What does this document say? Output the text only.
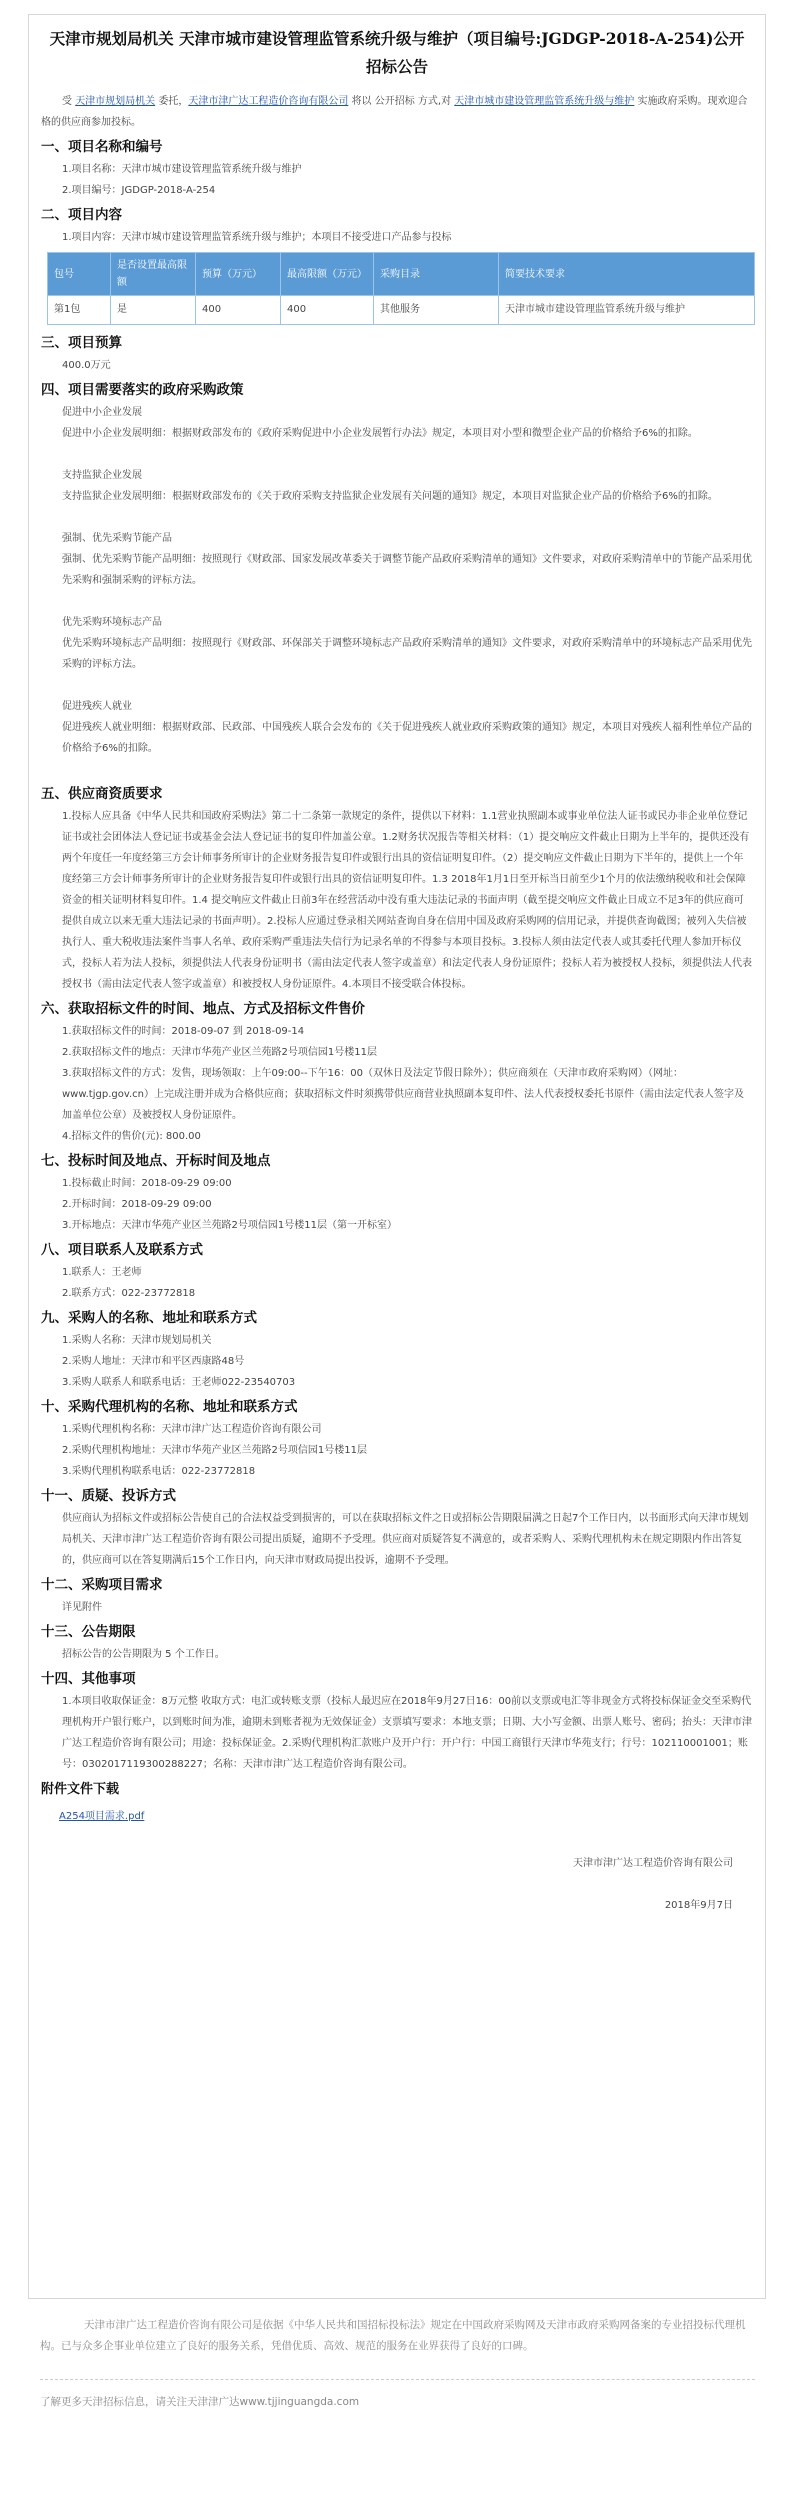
天津市规划局机关 天津市城市建设管理监管系统升级与维护（项目编号:JGDGP-2018-A-254)公开招标公告

受 天津市规划局机关 委托，天津市津广达工程造价咨询有限公司 将以 公开招标 方式,对 天津市城市建设管理监管系统升级与维护 实施政府采购。现欢迎合格的供应商参加投标。

一、项目名称和编号

1.项目名称：天津市城市建设管理监管系统升级与维护

2.项目编号：JGDGP-2018-A-254

二、项目内容

1.项目内容：天津市城市建设管理监管系统升级与维护；本项目不接受进口产品参与投标

包号	是否设置最高限额	预算（万元）	最高限额（万元）	采购目录	简要技术要求
第1包	是	400	400	其他服务	天津市城市建设管理监管系统升级与维护
三、项目预算

400.0万元

四、项目需要落实的政府采购政策

促进中小企业发展

促进中小企业发展明细：根据财政部发布的《政府采购促进中小企业发展暂行办法》规定，本项目对小型和微型企业产品的价格给予6%的扣除。

支持监狱企业发展

支持监狱企业发展明细：根据财政部发布的《关于政府采购支持监狱企业发展有关问题的通知》规定，本项目对监狱企业产品的价格给予6%的扣除。

强制、优先采购节能产品

强制、优先采购节能产品明细：按照现行《财政部、国家发展改革委关于调整节能产品政府采购清单的通知》文件要求，对政府采购清单中的节能产品采用优先采购和强制采购的评标方法。

优先采购环境标志产品

优先采购环境标志产品明细：按照现行《财政部、环保部关于调整环境标志产品政府采购清单的通知》文件要求，对政府采购清单中的环境标志产品采用优先采购的评标方法。

促进残疾人就业

促进残疾人就业明细：根据财政部、民政部、中国残疾人联合会发布的《关于促进残疾人就业政府采购政策的通知》规定，本项目对残疾人福利性单位产品的价格给予6%的扣除。

五、供应商资质要求

1.投标人应具备《中华人民共和国政府采购法》第二十二条第一款规定的条件，提供以下材料：1.1营业执照副本或事业单位法人证书或民办非企业单位登记证书或社会团体法人登记证书或基金会法人登记证书的复印件加盖公章。1.2财务状况报告等相关材料：（1）提交响应文件截止日期为上半年的，提供还没有两个年度任一年度经第三方会计师事务所审计的企业财务报告复印件或银行出具的资信证明复印件。（2）提交响应文件截止日期为下半年的，提供上一个年度经第三方会计师事务所审计的企业财务报告复印件或银行出具的资信证明复印件。1.3 2018年1月1日至开标当日前至少1个月的依法缴纳税收和社会保障资金的相关证明材料复印件。1.4 提交响应文件截止日前3年在经营活动中没有重大违法记录的书面声明（截至提交响应文件截止日成立不足3年的供应商可提供自成立以来无重大违法记录的书面声明）。2.投标人应通过登录相关网站查询自身在信用中国及政府采购网的信用记录，并提供查询截图；被列入失信被执行人、重大税收违法案件当事人名单、政府采购严重违法失信行为记录名单的不得参与本项目投标。3.投标人须由法定代表人或其委托代理人参加开标仪式，投标人若为法人投标，须提供法人代表身份证明书（需由法定代表人签字或盖章）和法定代表人身份证原件；投标人若为被授权人投标，须提供法人代表授权书（需由法定代表人签字或盖章）和被授权人身份证原件。4.本项目不接受联合体投标。

六、获取招标文件的时间、地点、方式及招标文件售价

1.获取招标文件的时间：2018-09-07 到 2018-09-14

2.获取招标文件的地点：天津市华苑产业区兰苑路2号项信园1号楼11层

3.获取招标文件的方式：发售，现场领取：上午09:00--下午16：00（双休日及法定节假日除外）；供应商须在（天津市政府采购网）（网址：www.tjgp.gov.cn）上完成注册并成为合格供应商；获取招标文件时须携带供应商营业执照副本复印件、法人代表授权委托书原件（需由法定代表人签字及加盖单位公章）及被授权人身份证原件。

4.招标文件的售价(元): 800.00

七、投标时间及地点、开标时间及地点

1.投标截止时间：2018-09-29 09:00

2.开标时间：2018-09-29 09:00

3.开标地点：天津市华苑产业区兰苑路2号项信园1号楼11层（第一开标室）

八、项目联系人及联系方式

1.联系人：王老师

2.联系方式：022-23772818

九、采购人的名称、地址和联系方式

1.采购人名称：天津市规划局机关

2.采购人地址：天津市和平区西康路48号

3.采购人联系人和联系电话：王老师022-23540703

十、采购代理机构的名称、地址和联系方式

1.采购代理机构名称：天津市津广达工程造价咨询有限公司

2.采购代理机构地址：天津市华苑产业区兰苑路2号项信园1号楼11层

3.采购代理机构联系电话：022-23772818

十一、质疑、投诉方式

供应商认为招标文件或招标公告使自己的合法权益受到损害的，可以在获取招标文件之日或招标公告期限届满之日起7个工作日内，以书面形式向天津市规划局机关、天津市津广达工程造价咨询有限公司提出质疑，逾期不予受理。供应商对质疑答复不满意的，或者采购人、采购代理机构未在规定期限内作出答复的，供应商可以在答复期满后15个工作日内，向天津市财政局提出投诉，逾期不予受理。

十二、采购项目需求

详见附件

十三、公告期限

招标公告的公告期限为 5 个工作日。

十四、其他事项

1.本项目收取保证金：8万元整 收取方式：电汇或转账支票（投标人最迟应在2018年9月27日16：00前以支票或电汇等非现金方式将投标保证金交至采购代理机构开户银行账户，以到账时间为准，逾期未到账者视为无效保证金）支票填写要求：本地支票；日期、大小写金额、出票人账号、密码；抬头：天津市津广达工程造价咨询有限公司；用途：投标保证金。2.采购代理机构汇款账户及开户行：开户行：中国工商银行天津市华苑支行；行号：102110001001；账号：0302017119300288227；名称：天津市津广达工程造价咨询有限公司。

附件文件下载
A254项目需求.pdf
天津市津广达工程造价咨询有限公司
2018年9月7日
天津市津广达工程造价咨询有限公司是依据《中华人民共和国招标投标法》规定在中国政府采购网及天津市政府采购网备案的专业招投标代理机构。已与众多企事业单位建立了良好的服务关系，凭借优质、高效、规范的服务在业界获得了良好的口碑。
了解更多天津招标信息，请关注天津津广达www.tjjinguangda.com
